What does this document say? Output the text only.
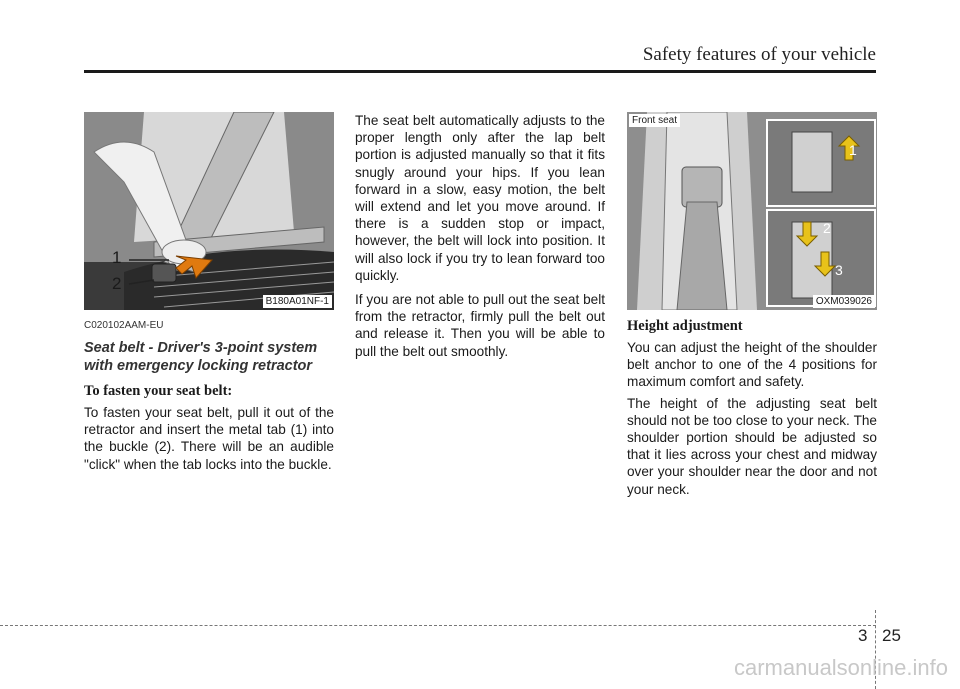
Safety features of your vehicle
1
2
B180A01NF-1
C020102AAM-EU
Seat belt - Driver's 3-point system with emergency locking retractor
To fasten your seat belt:
To fasten your seat belt, pull it out of the retractor and insert the metal tab (1) into the buckle (2). There will be an audible "click" when the tab locks into the buckle.

The seat belt automatically adjusts to the proper length only after the lap belt portion is adjusted manually so that it fits snugly around your hips. If you lean forward in a slow, easy motion, the belt will extend and let you move around. If there is a sudden stop or impact, however, the belt will lock into position. It will also lock if you try to lean forward too quickly.

If you are not able to pull out the seat belt from the retractor, firmly pull the belt out and release it. Then you will be able to pull the belt out smoothly.

1
2
3
Front seat
OXM039026
Height adjustment
You can adjust the height of the shoulder belt anchor to one of the 4 positions for maximum comfort and safety.
The height of the adjusting seat belt should not be too close to your neck. The shoulder portion should be adjusted so that it lies across your chest and midway over your shoulder near the door and not your neck.
3 25
carmanualsonline.info
